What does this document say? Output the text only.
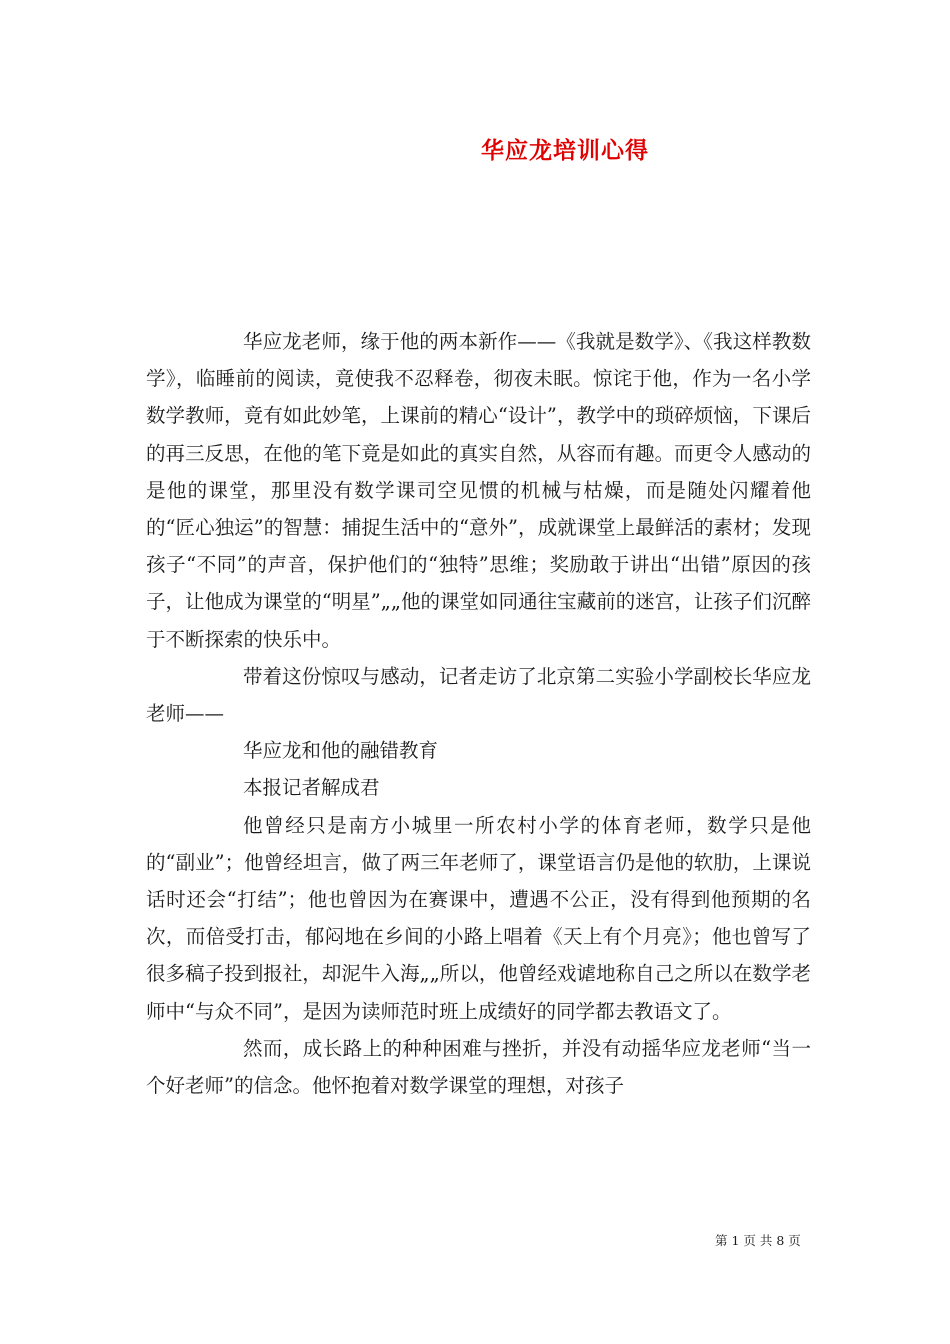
华应龙培训心得

华应龙老师，缘于他的两本新作——《我就是数学》、《我这样教数学》，临睡前的阅读，竟使我不忍释卷，彻夜未眠。惊诧于他，作为一名小学数学教师，竟有如此妙笔，上课前的精心“设计”，教学中的琐碎烦恼，下课后的再三反思，在他的笔下竟是如此的真实自然，从容而有趣。而更令人感动的是他的课堂，那里没有数学课司空见惯的机械与枯燥，而是随处闪耀着他的“匠心独运”的智慧：捕捉生活中的“意外”，成就课堂上最鲜活的素材；发现孩子“不同”的声音，保护他们的“独特”思维；奖励敢于讲出“出错”原因的孩子，让他成为课堂的“明星”„„他的课堂如同通往宝藏前的迷宫，让孩子们沉醉于不断探索的快乐中。

带着这份惊叹与感动，记者走访了北京第二实验小学副校长华应龙老师——

华应龙和他的融错教育

本报记者解成君

他曾经只是南方小城里一所农村小学的体育老师，数学只是他的“副业”；他曾经坦言，做了两三年老师了，课堂语言仍是他的软肋，上课说话时还会“打结”；他也曾因为在赛课中，遭遇不公正，没有得到他预期的名次，而倍受打击，郁闷地在乡间的小路上唱着《天上有个月亮》；他也曾写了很多稿子投到报社，却泥牛入海„„所以，他曾经戏谑地称自己之所以在数学老师中“与众不同”，是因为读师范时班上成绩好的同学都去教语文了。

然而，成长路上的种种困难与挫折，并没有动摇华应龙老师“当一个好老师”的信念。他怀抱着对数学课堂的理想，对孩子

第 1 页 共 8 页
